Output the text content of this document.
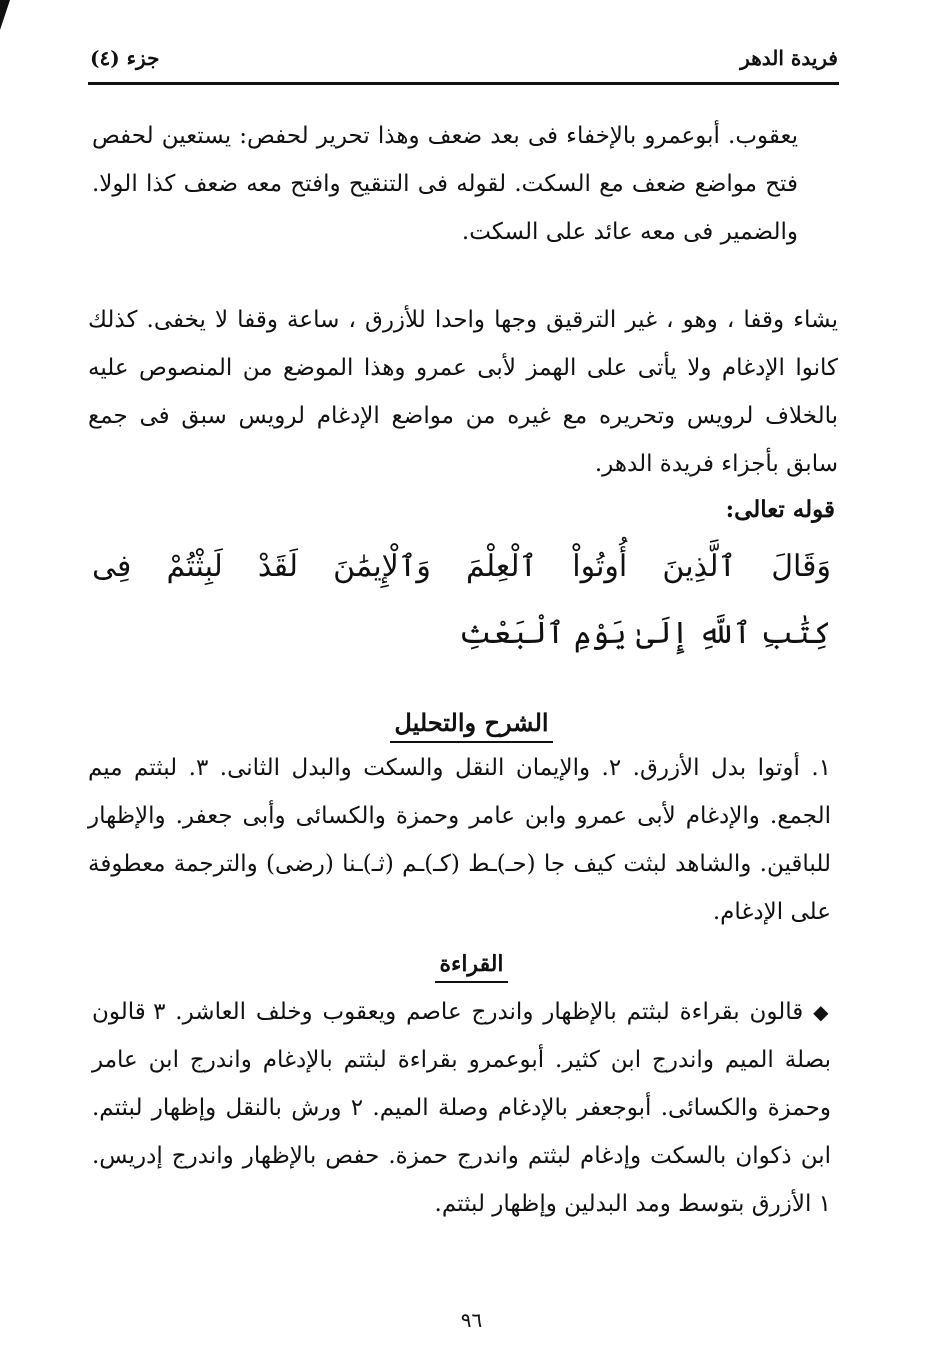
فريدة الدهر
جزء (٤)

يعقوب. أبوعمرو بالإخفاء فى بعد ضعف وهذا تحرير لحفص: يستعين لحفص فتح مواضع ضعف مع السكت. لقوله فى التنقيح وافتح معه ضعف كذا الولا. والضمير فى معه عائد على السكت.

يشاء وقفا ، وهو ، غير الترقيق وجها واحدا للأزرق ، ساعة وقفا لا يخفى. كذلك كانوا الإدغام ولا يأتى على الهمز لأبى عمرو وهذا الموضع من المنصوص عليه بالخلاف لرويس وتحريره مع غيره من مواضع الإدغام لرويس سبق فى جمع سابق بأجزاء فريدة الدهر.

قوله تعالى:
وَقَالَ ٱلَّذِينَ أُوتُواْ ٱلْعِلْمَ وَٱلْإِيمَٰنَ لَقَدْ لَبِثْتُمْ فِى
كِتَٰبِ ٱللَّهِ إِلَىٰ يَوْمِ ٱلْبَعْثِ
الشرح والتحليل

١. أوتوا بدل الأزرق. ٢. والإيمان النقل والسكت والبدل الثانى. ٣. لبثتم ميم الجمع. والإدغام لأبى عمرو وابن عامر وحمزة والكسائى وأبى جعفر. والإظهار للباقين. والشاهد لبثت كيف جا (حـ)ـط (كـ)ـم (ثـ)ـنا (رضى) والترجمة معطوفة على الإدغام.

القراءة

◆ قالون بقراءة لبثتم بالإظهار واندرج عاصم ويعقوب وخلف العاشر. ٣ قالون بصلة الميم واندرج ابن كثير. أبوعمرو بقراءة لبثتم بالإدغام واندرج ابن عامر وحمزة والكسائى. أبوجعفر بالإدغام وصلة الميم. ٢ ورش بالنقل وإظهار لبثتم. ابن ذكوان بالسكت وإدغام لبثتم واندرج حمزة. حفص بالإظهار واندرج إدريس. ١ الأزرق بتوسط ومد البدلين وإظهار لبثتم.

٩٦
